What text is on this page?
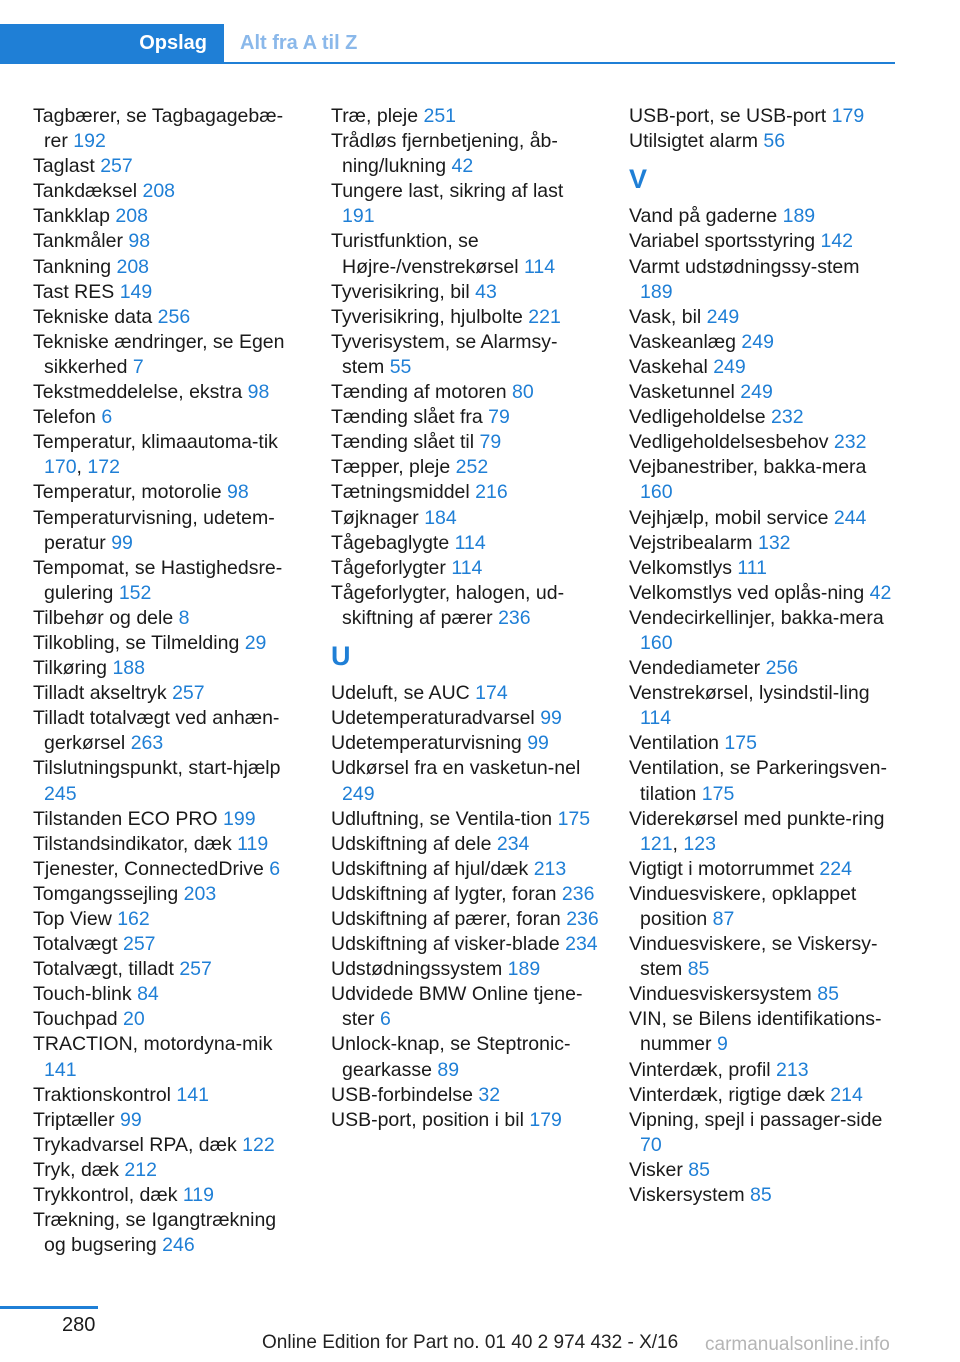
Opslag	Alt fra A til Z
Tagbærer, se Tagbagagebæ‐rer 192
Taglast 257
Tankdæksel 208
Tankklap 208
Tankmåler 98
Tankning 208
Tast RES 149
Tekniske data 256
Tekniske ændringer, se Egen sikkerhed 7
Tekstmeddelelse, ekstra 98
Telefon 6
Temperatur, klimaautoma‐tik 170, 172
Temperatur, motorolie 98
Temperaturvisning, udetem‐peratur 99
Tempomat, se Hastighedsre‐gulering 152
Tilbehør og dele 8
Tilkobling, se Tilmelding 29
Tilkøring 188
Tilladt akseltryk 257
Tilladt totalvægt ved anhæn‐gerkørsel 263
Tilslutningspunkt, start‐hjælp 245
Tilstanden ECO PRO 199
Tilstandsindikator, dæk 119
Tjenester, ConnectedDrive 6
Tomgangssejling 203
Top View 162
Totalvægt 257
Totalvægt, tilladt 257
Touch-blink 84
Touchpad 20
TRACTION, motordyna‐mik 141
Traktionskontrol 141
Triptæller 99
Trykadvarsel RPA, dæk 122
Tryk, dæk 212
Trykkontrol, dæk 119
Trækning, se Igangtrækning og bugsering 246
Træ, pleje 251
Trådløs fjernbetjening, åb‐ning/lukning 42
Tungere last, sikring af last 191
Turistfunktion, se Højre-/venstrekørsel 114
Tyverisikring, bil 43
Tyverisikring, hjulbolte 221
Tyverisystem, se Alarmsy‐stem 55
Tænding af motoren 80
Tænding slået fra 79
Tænding slået til 79
Tæpper, pleje 252
Tætningsmiddel 216
Tøjknager 184
Tågebaglygte 114
Tågeforlygter 114
Tågeforlygter, halogen, ud‐skiftning af pærer 236
U
Udeluft, se AUC 174
Udetemperaturadvarsel 99
Udetemperaturvisning 99
Udkørsel fra en vasketun‐nel 249
Udluftning, se Ventila‐tion 175
Udskiftning af dele 234
Udskiftning af hjul/dæk 213
Udskiftning af lygter, foran 236
Udskiftning af pærer, foran 236
Udskiftning af visker‐blade 234
Udstødningssystem 189
Udvidede BMW Online tjene‐ster 6
Unlock-knap, se Steptronic-gearkasse 89
USB-forbindelse 32
USB-port, position i bil 179
USB-port, se USB-port 179
Utilsigtet alarm 56
V
Vand på gaderne 189
Variabel sportsstyring 142
Varmt udstødningssy‐stem 189
Vask, bil 249
Vaskeanlæg 249
Vaskehal 249
Vasketunnel 249
Vedligeholdelse 232
Vedligeholdelsesbehov 232
Vejbanestriber, bakka‐mera 160
Vejhjælp, mobil service 244
Vejstribealarm 132
Velkomstlys 111
Velkomstlys ved oplås‐ning 42
Vendecirkellinjer, bakka‐mera 160
Vendediameter 256
Venstrekørsel, lysindstil‐ling 114
Ventilation 175
Ventilation, se Parkeringsven‐tilation 175
Viderekørsel med punkte‐ring 121, 123
Vigtigt i motorrummet 224
Vinduesviskere, opklappet position 87
Vinduesviskere, se Viskersy‐stem 85
Vinduesviskersystem 85
VIN, se Bilens identifikations‐nummer 9
Vinterdæk, profil 213
Vinterdæk, rigtige dæk 214
Vipning, spejl i passager‐side 70
Visker 85
Viskersystem 85
280
Online Edition for Part no. 01 40 2 974 432 - X/16 carmanualsonline.info
